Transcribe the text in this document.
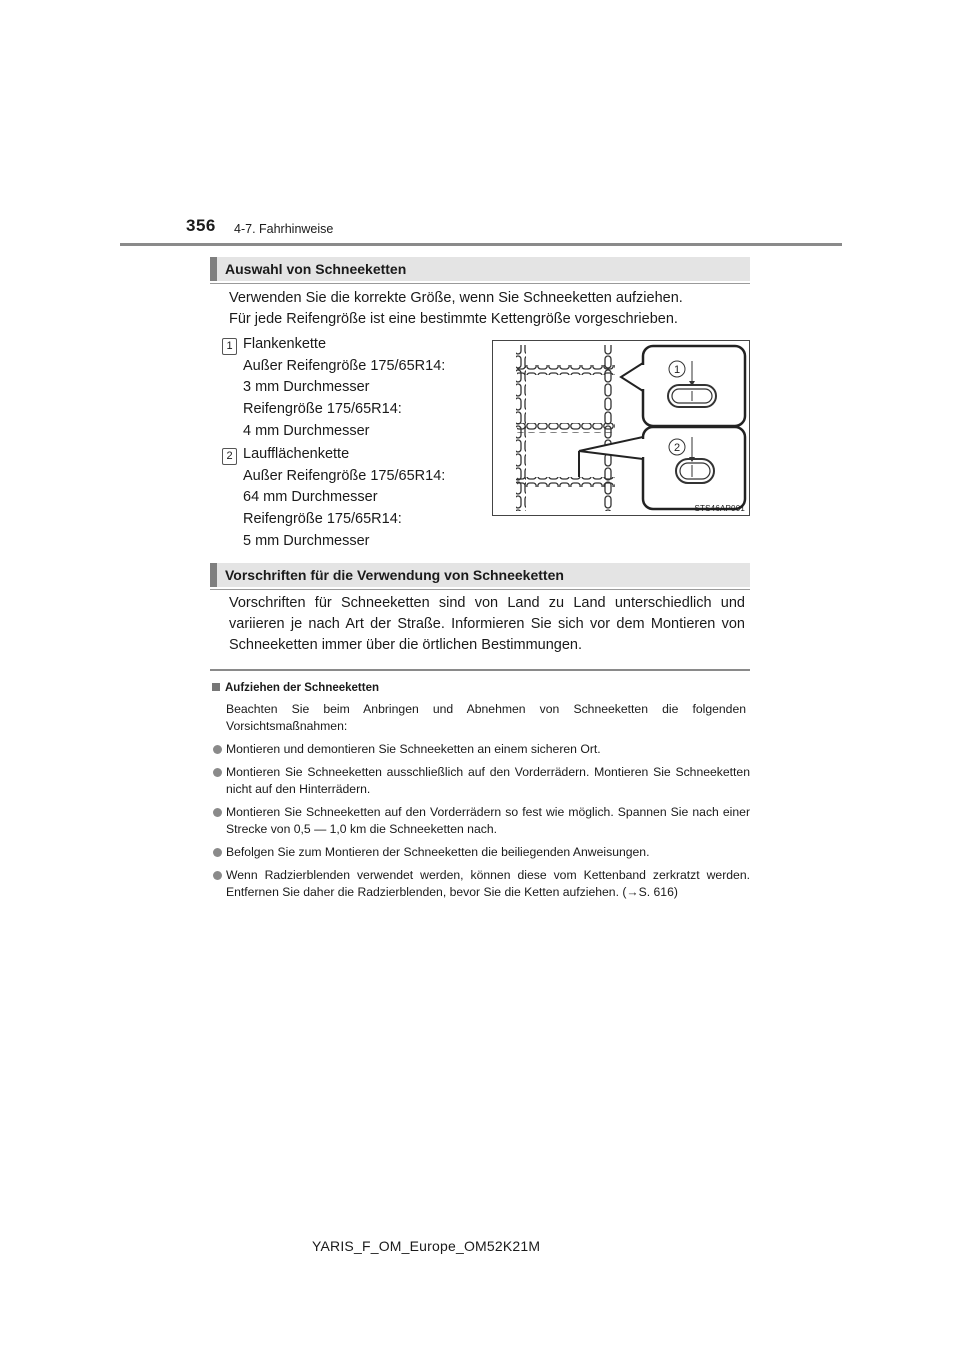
356 4-7. Fahrhinweise
Auswahl von Schneeketten
Verwenden Sie die korrekte Größe, wenn Sie Schneeketten aufziehen.
Für jede Reifengröße ist eine bestimmte Kettengröße vorgeschrieben.
1 Flankenkette
Außer Reifengröße 175/65R14:
3 mm Durchmesser
Reifengröße 175/65R14:
4 mm Durchmesser
2 Laufflächenkette
Außer Reifengröße 175/65R14:
64 mm Durchmesser
Reifengröße 175/65R14:
5 mm Durchmesser
1
2
STS46AP001
Vorschriften für die Verwendung von Schneeketten
Vorschriften für Schneeketten sind von Land zu Land unterschiedlich und variieren je nach Art der Straße. Informieren Sie sich vor dem Montieren von Schneeketten immer über die örtlichen Bestimmungen.
Aufziehen der Schneeketten
Beachten Sie beim Anbringen und Abnehmen von Schneeketten die folgenden Vorsichtsmaßnahmen:
Montieren und demontieren Sie Schneeketten an einem sicheren Ort.
Montieren Sie Schneeketten ausschließlich auf den Vorderrädern. Montieren Sie Schneeketten nicht auf den Hinterrädern.
Montieren Sie Schneeketten auf den Vorderrädern so fest wie möglich. Spannen Sie nach einer Strecke von 0,5 — 1,0 km die Schneeketten nach.
Befolgen Sie zum Montieren der Schneeketten die beiliegenden Anweisungen.
Wenn Radzierblenden verwendet werden, können diese vom Kettenband zerkratzt werden. Entfernen Sie daher die Radzierblenden, bevor Sie die Ketten aufziehen. (→S. 616)
YARIS_F_OM_Europe_OM52K21M
